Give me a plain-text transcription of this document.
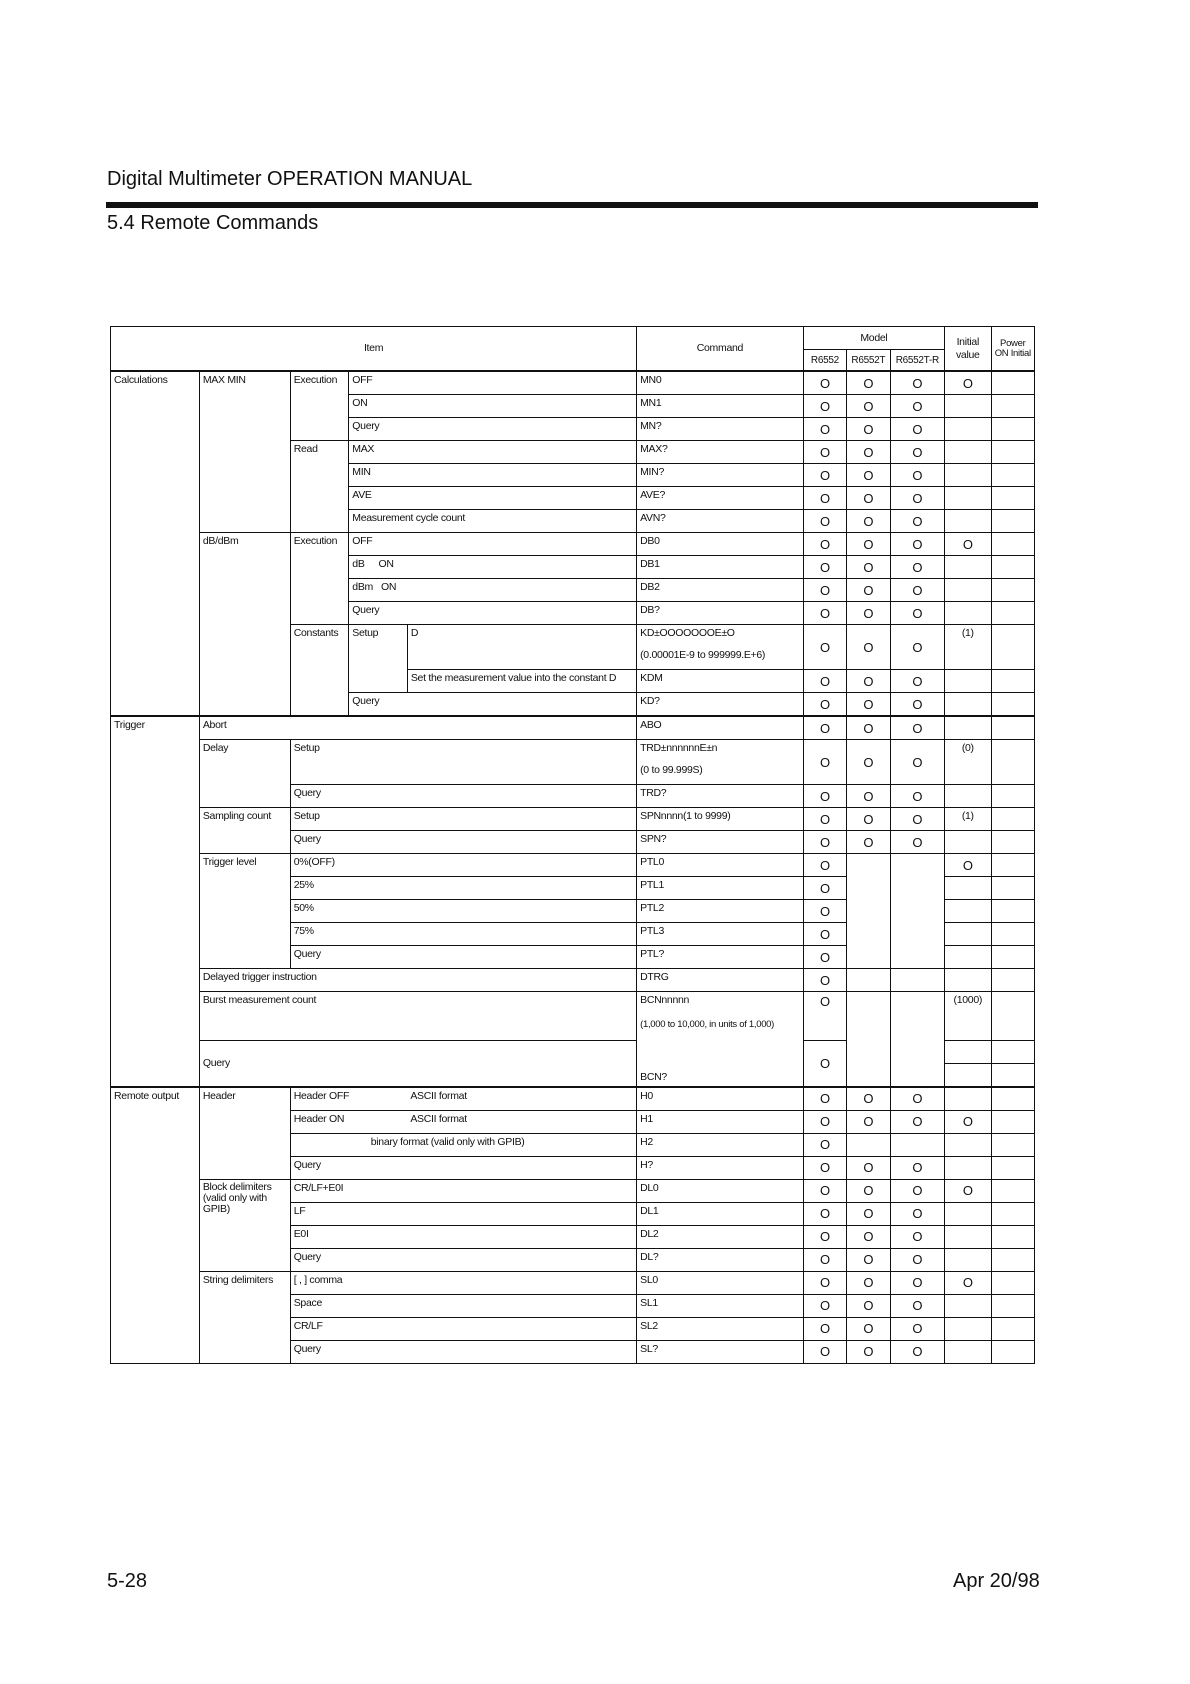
Digital Multimeter OPERATION MANUAL
5.4 Remote Commands
Item					Command	Model			Initial value	Power ON Initial
						R6552	R6552T	R6552T-R		
Calculations	MAX MIN	Execution	OFF		MN0	O	O	O	O	
			ON		MN1	O	O	O		
			Query		MN?	O	O	O		
		Read	MAX		MAX?	O	O	O		
			MIN		MIN?	O	O	O		
			AVE		AVE?	O	O	O		
			Measurement cycle count		AVN?	O	O	O		
	dB/dBm	Execution	OFF		DB0	O	O	O	O	
			dB ON		DB1	O	O	O		
			dBm ON		DB2	O	O	O		
			Query		DB?	O	O	O		
		Constants	Setup	D	KD±OOOOOOOE±O	O	O	O	(1)	
					(0.00001E-9 to 999999.E+6)					
				Set the measurement value into the constant D	KDM	O	O	O		
			Query		KD?	O	O	O		
Trigger	Abort				ABO	O	O	O		
	Delay	Setup			TRD±nnnnnnE±n	O	O	O	(0)	
					(0 to 99.999S)					
		Query			TRD?	O	O	O		
	Sampling count	Setup			SPNnnnn(1 to 9999)	O	O	O	(1)	
		Query			SPN?	O	O	O		
	Trigger level	0%(OFF)			PTL0	O			O	
		25%			PTL1	O				
		50%			PTL2	O				
		75%			PTL3	O				
		Query			PTL?	O				
	Delayed trigger instruction				DTRG	O				
	Burst measurement count				BCNnnnnn	O			(1000)	
					(1,000 to 10,000, in units of 1,000)					
	Query				BCN?	O				

Remote output	Header	Header OFF		ASCII format	H0	O	O	O		
		Header ON		ASCII format	H1	O	O	O	O	
		binary format (valid only with GPIB)			H2	O				
		Query			H?	O	O	O		
	Block delimiters (valid only with GPIB)	CR/LF+E0I			DL0	O	O	O	O	
		LF			DL1	O	O	O		
		E0I			DL2	O	O	O		
		Query			DL?	O	O	O		
	String delimiters	[ , ] comma			SL0	O	O	O	O	
		Space			SL1	O	O	O		
		CR/LF			SL2	O	O	O		
		Query			SL?	O	O	O		
5-28	Apr 20/98
